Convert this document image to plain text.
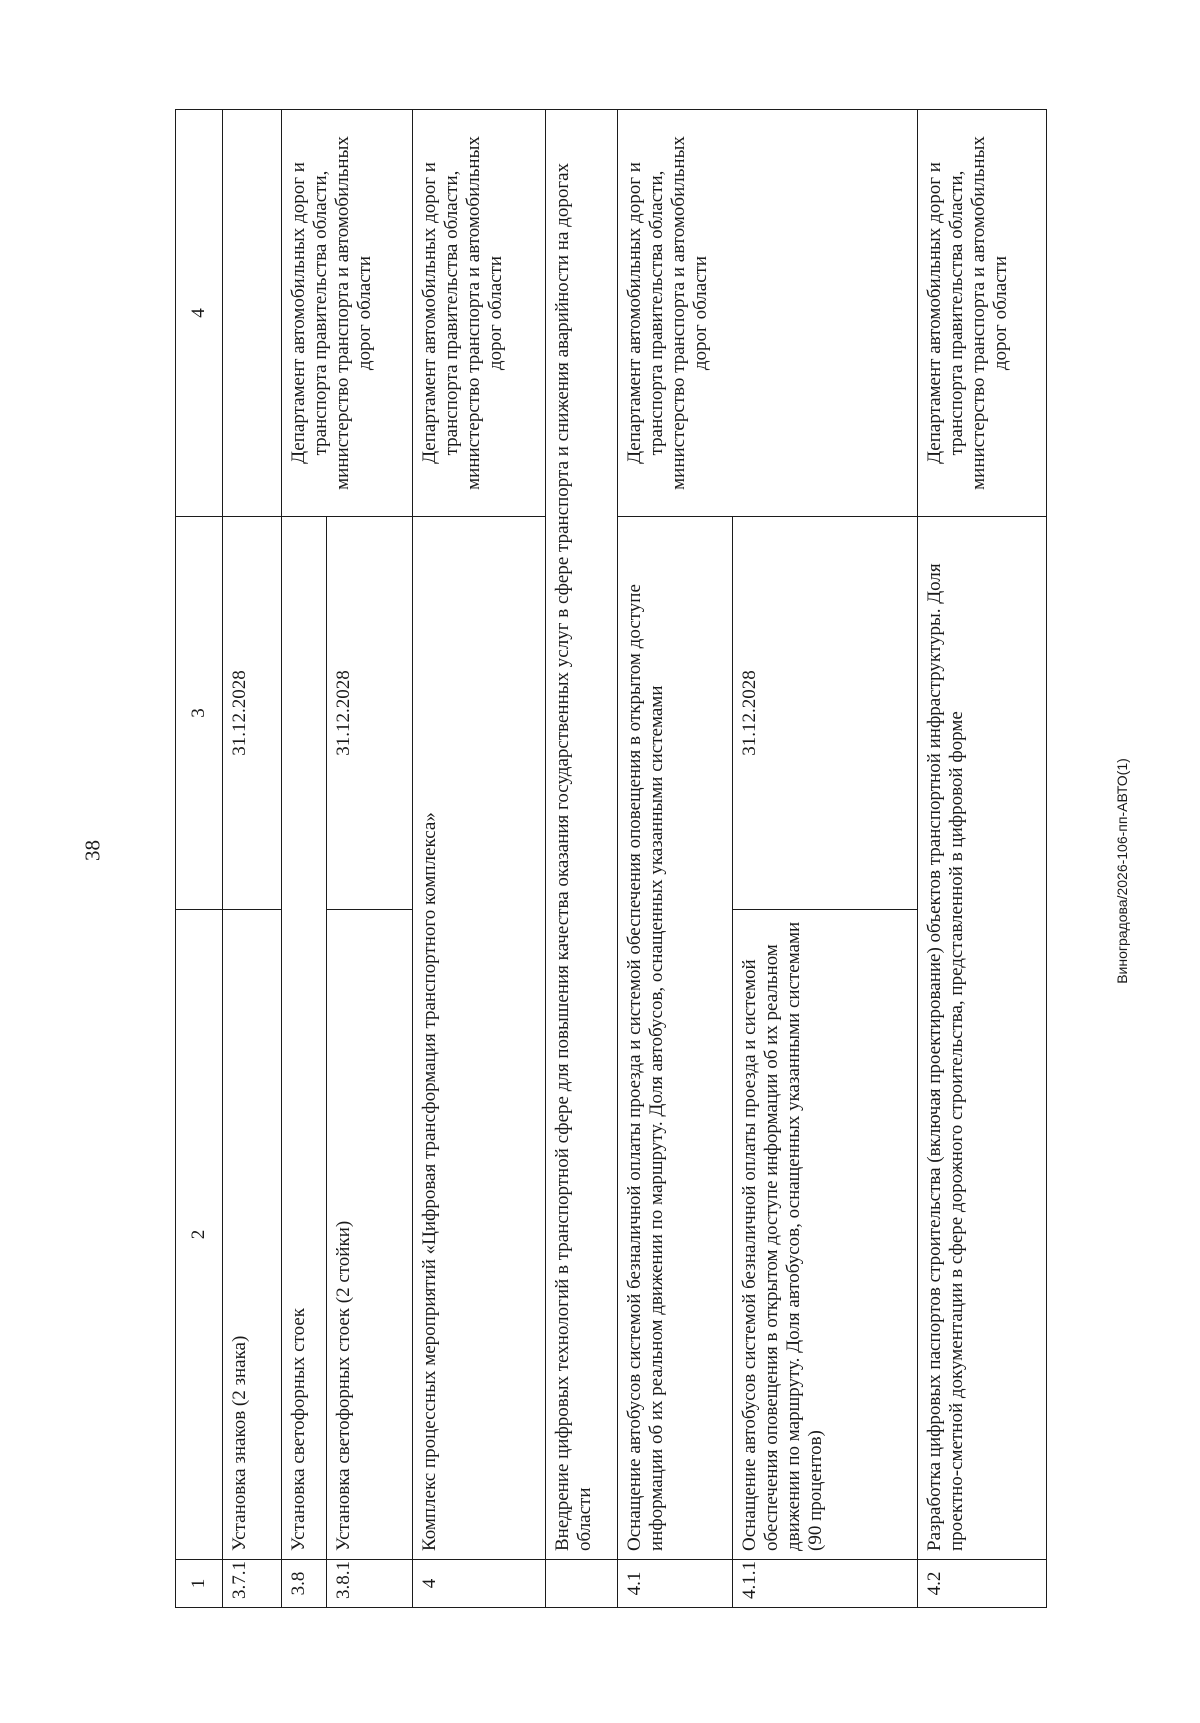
38
1	2	3	4
3.7.1	Установка знаков (2 знака)	31.12.2028	
3.8	Установка светофорных стоек		Департамент автомобильных дорог и транспорта правительства области, министерство транспорта и автомобильных дорог области
3.8.1	Установка светофорных стоек (2 стойки)	31.12.2028	
4	Комплекс процессных мероприятий «Цифровая трансформация транспортного комплекса»		Департамент автомобильных дорог и транспорта правительства области, министерство транспорта и автомобильных дорог области
	Внедрение цифровых технологий в транспортной сфере для повышения качества оказания государственных услуг в сфере транспорта и снижения аварийности на дорогах области		
4.1	Оснащение автобусов системой безналичной оплаты проезда и системой обеспечения оповещения в открытом доступе информации об их реальном движении по маршруту. Доля автобусов, оснащенных указанными системами		Департамент автомобильных дорог и транспорта правительства области, министерство транспорта и автомобильных дорог области
4.1.1	Оснащение автобусов системой безналичной оплаты проезда и системой обеспечения оповещения в открытом доступе информации об их реальном движении по маршруту. Доля автобусов, оснащенных указанными системами (90 процентов)	31.12.2028	
4.2	Разработка цифровых паспортов строительства (включая проектирование) объектов транспортной инфраструктуры. Доля проектно-сметной документации в сфере дорожного строительства, представленной в цифровой форме		Департамент автомобильных дорог и транспорта правительства области, министерство транспорта и автомобильных дорог области
Виноградова/2026-106-пп-АВТО(1)
